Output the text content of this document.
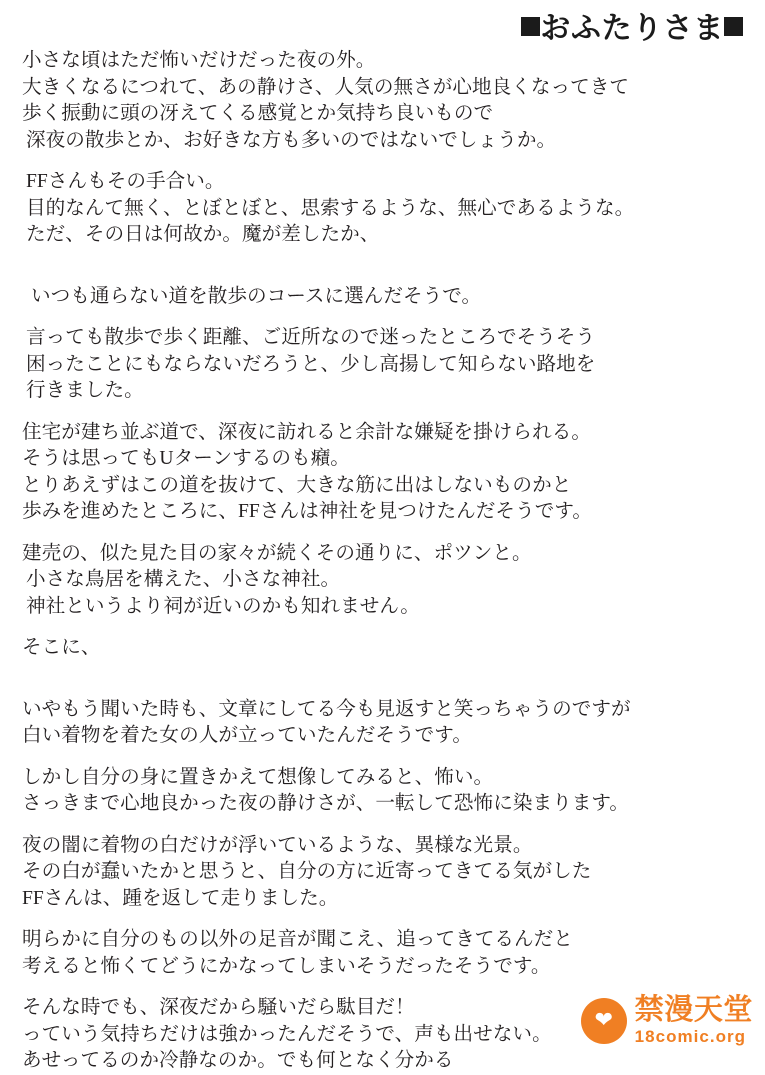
おふたりさま
小さな頃はただ怖いだけだった夜の外。
大きくなるにつれて、あの静けさ、人気の無さが心地良くなってきて
歩く振動に頭の冴えてくる感覚とか気持ち良いもので
深夜の散歩とか、お好きな方も多いのではないでしょうか。
FFさんもその手合い。
目的なんて無く、とぼとぼと、思索するような、無心であるような。
ただ、その日は何故か。魔が差したか、
いつも通らない道を散歩のコースに選んだそうで。
言っても散歩で歩く距離、ご近所なので迷ったところでそうそう
困ったことにもならないだろうと、少し高揚して知らない路地を
行きました。
住宅が建ち並ぶ道で、深夜に訪れると余計な嫌疑を掛けられる。
そうは思ってもUターンするのも癪。
とりあえずはこの道を抜けて、大きな筋に出はしないものかと
歩みを進めたところに、FFさんは神社を見つけたんだそうです。
建売の、似た見た目の家々が続くその通りに、ポツンと。
小さな鳥居を構えた、小さな神社。
神社というより祠が近いのかも知れません。
そこに、
いやもう聞いた時も、文章にしてる今も見返すと笑っちゃうのですが
白い着物を着た女の人が立っていたんだそうです。
しかし自分の身に置きかえて想像してみると、怖い。
さっきまで心地良かった夜の静けさが、一転して恐怖に染まります。
夜の闇に着物の白だけが浮いているような、異様な光景。
その白が蠢いたかと思うと、自分の方に近寄ってきてる気がした
FFさんは、踵を返して走りました。
明らかに自分のもの以外の足音が聞こえ、追ってきてるんだと
考えると怖くてどうにかなってしまいそうだったそうです。
そんな時でも、深夜だから騒いだら駄目だ！
っていう気持ちだけは強かったんだそうで、声も出せない。
あせってるのか冷静なのか。でも何となく分かる
❤ 禁漫天堂
18comic.org
